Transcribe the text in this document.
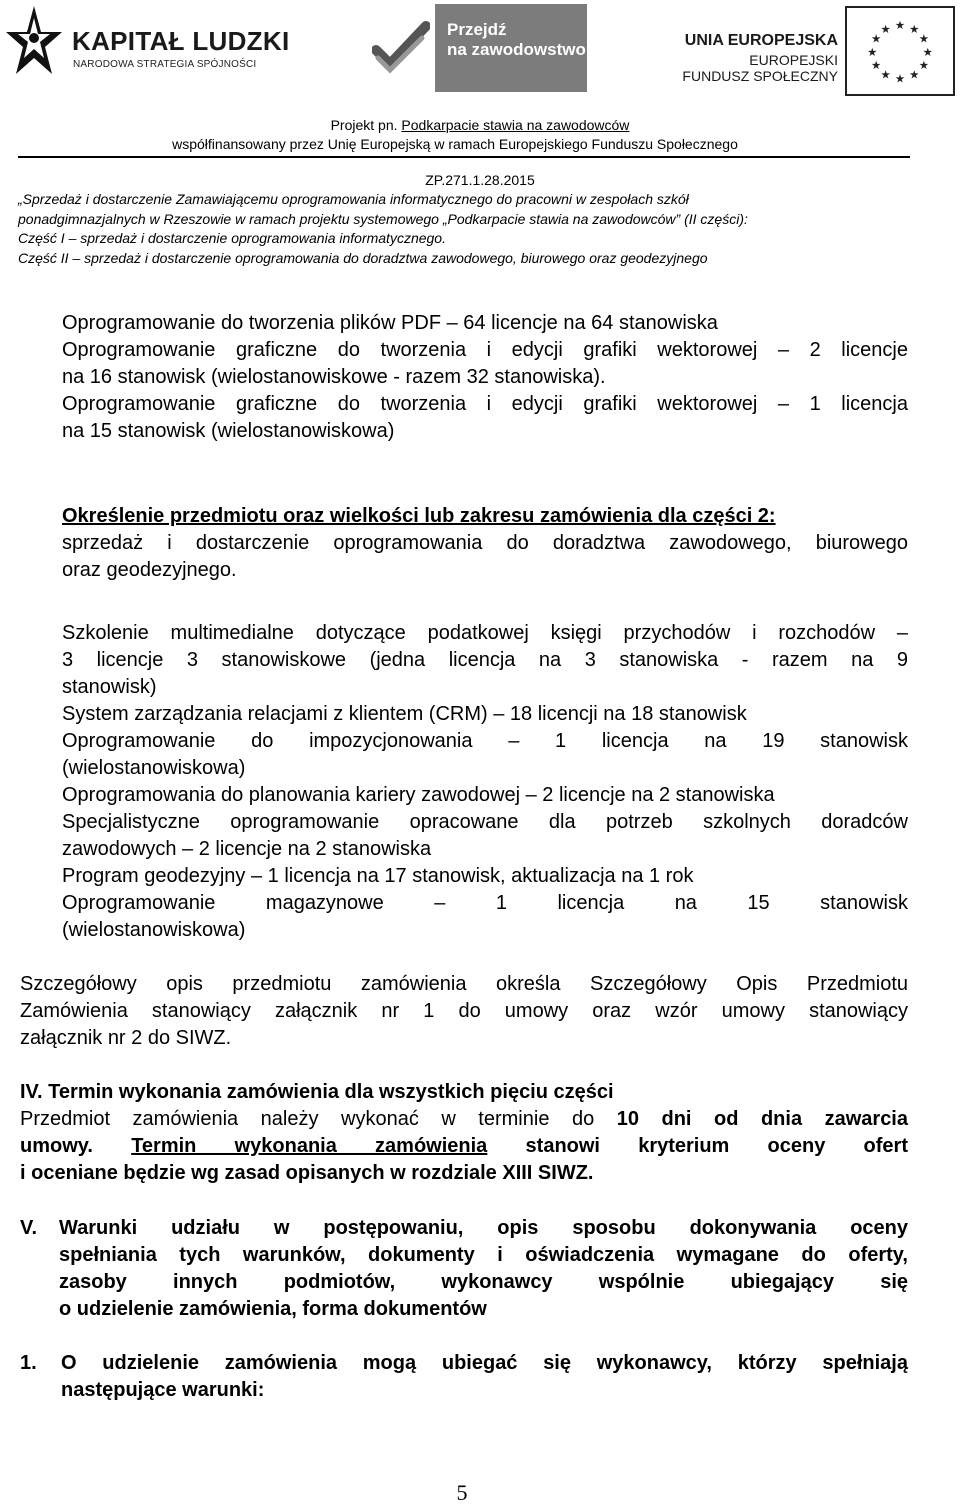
KAPITAŁ LUDZKI
NARODOWA STRATEGIA SPÓJNOŚCI
Przejdź
na zawodowstwo	UNIA EUROPEJSKA
EUROPEJSKI
FUNDUSZ SPOŁECZNY
★ ★
★
★
★
★
★
★
★
★
★
★
Projekt pn. Podkarpacie stawia na zawodowców
współfinansowany przez Unię Europejską w ramach Europejskiego Funduszu Społecznego
ZP.271.1.28.2015
„Sprzedaż i dostarczenie Zamawiającemu oprogramowania informatycznego do pracowni w zespołach szkół
ponadgimnazjalnych w Rzeszowie w ramach projektu systemowego „Podkarpacie stawia na zawodowców” (II części):
Część I – sprzedaż i dostarczenie oprogramowania informatycznego.
Część II – sprzedaż i dostarczenie oprogramowania do doradztwa zawodowego, biurowego oraz geodezyjnego
Oprogramowanie do tworzenia plików PDF – 64 licencje na 64 stanowiska
Oprogramowanie graficzne do tworzenia i edycji grafiki wektorowej – 2 licencje
na 16 stanowisk (wielostanowiskowe - razem 32 stanowiska).
Oprogramowanie graficzne do tworzenia i edycji grafiki wektorowej – 1 licencja
na 15 stanowisk (wielostanowiskowa)
Określenie przedmiotu oraz wielkości lub zakresu zamówienia dla części 2:
sprzedaż i dostarczenie oprogramowania do doradztwa zawodowego, biurowego
oraz geodezyjnego.
Szkolenie multimedialne dotyczące podatkowej księgi przychodów i rozchodów –
3 licencje 3 stanowiskowe (jedna licencja na 3 stanowiska - razem na 9
stanowisk)
System zarządzania relacjami z klientem (CRM) – 18 licencji na 18 stanowisk
Oprogramowanie do impozycjonowania – 1 licencja na 19 stanowisk
(wielostanowiskowa)
Oprogramowania do planowania kariery zawodowej – 2 licencje na 2 stanowiska
Specjalistyczne oprogramowanie opracowane dla potrzeb szkolnych doradców
zawodowych – 2 licencje na 2 stanowiska
Program geodezyjny – 1 licencja na 17 stanowisk, aktualizacja na 1 rok
Oprogramowanie magazynowe – 1 licencja na 15 stanowisk
(wielostanowiskowa)
Szczegółowy opis przedmiotu zamówienia określa Szczegółowy Opis Przedmiotu
Zamówienia stanowiący załącznik nr 1 do umowy oraz wzór umowy stanowiący
załącznik nr 2 do SIWZ.
IV. Termin wykonania zamówienia dla wszystkich pięciu części
Przedmiot zamówienia należy wykonać w terminie do 10 dni od dnia zawarcia
umowy. Termin wykonania zamówienia stanowi kryterium oceny ofert
i oceniane będzie wg zasad opisanych w rozdziale XIII SIWZ.
V. Warunki udziału w postępowaniu, opis sposobu dokonywania oceny
spełniania tych warunków, dokumenty i oświadczenia wymagane do oferty,
zasoby innych podmiotów, wykonawcy wspólnie ubiegający się
o udzielenie zamówienia, forma dokumentów
1. O udzielenie zamówienia mogą ubiegać się wykonawcy, którzy spełniają
następujące warunki:
5
